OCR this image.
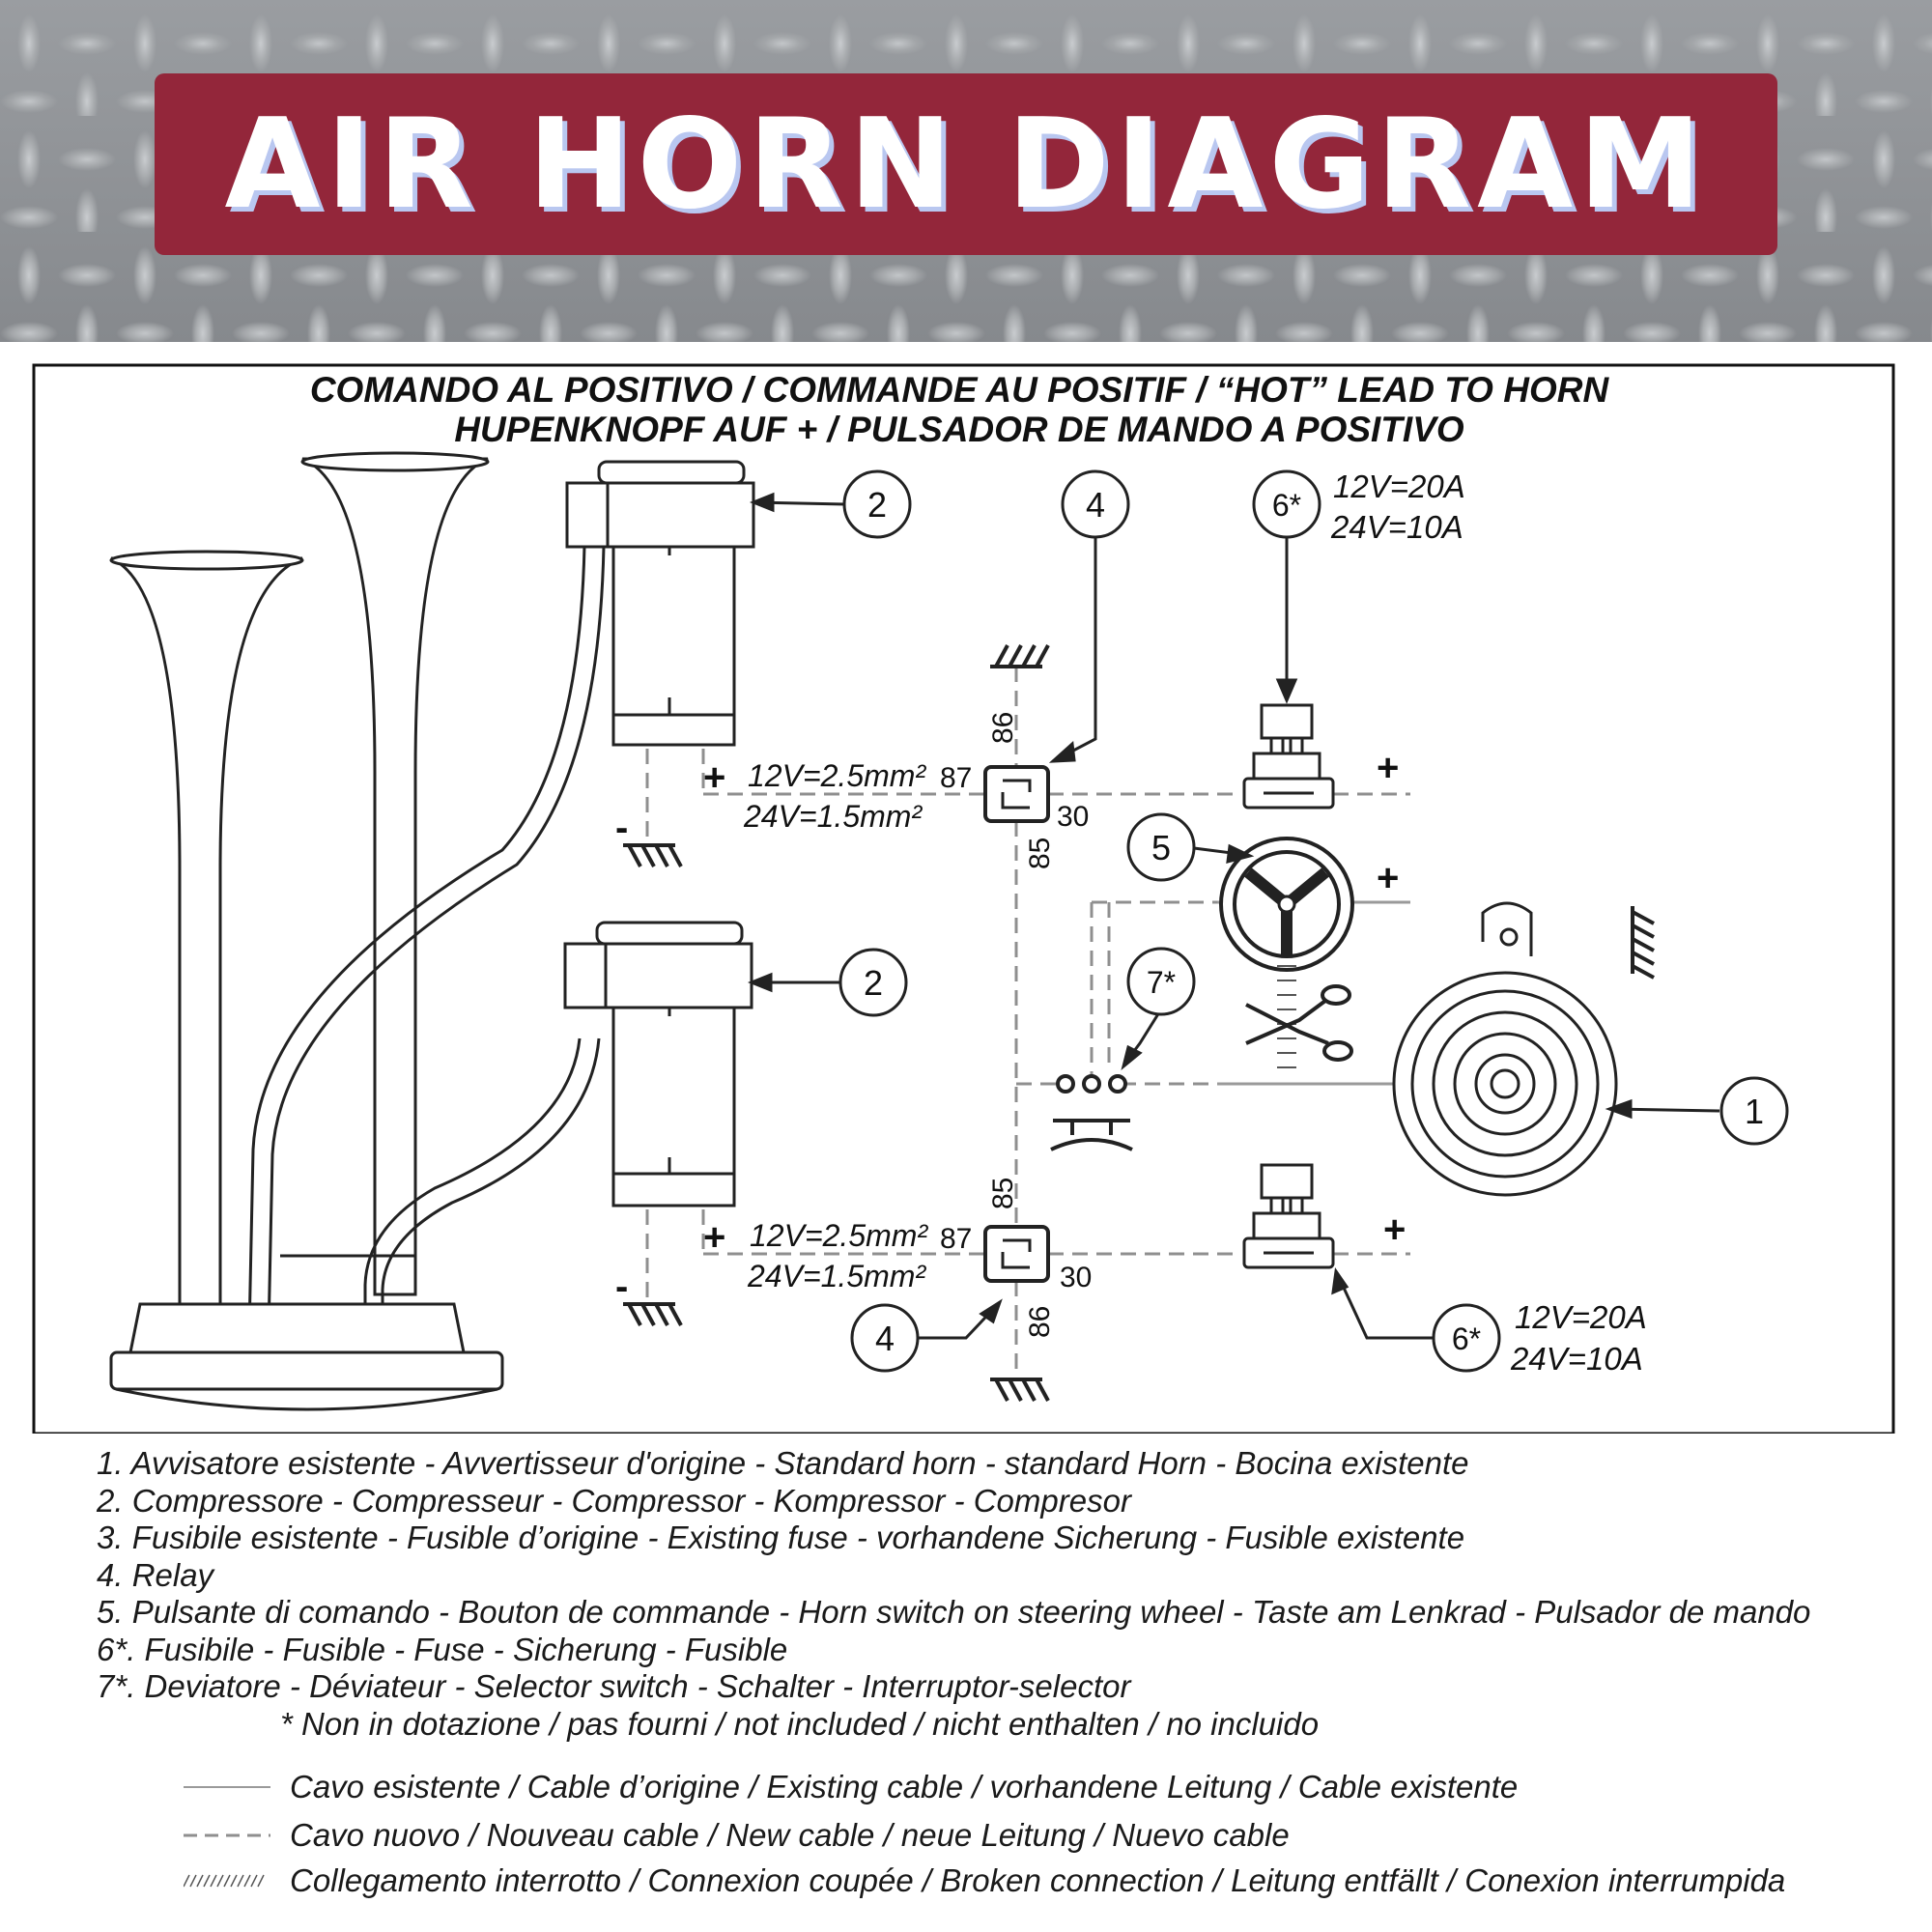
AIR HORN DIAGRAM
COMANDO AL POSITIVO / COMMANDE AU POSITIF / “HOT” LEAD TO HORN
HUPENKNOPF AUF + / PULSADOR DE MANDO A POSITIVO
2
2
4
4
6*
6*
5
7*
1
12V=20A
24V=10A
12V=20A
24V=10A
+ 12V=2.5mm²
24V=1.5mm²
+ 12V=2.5mm²
24V=1.5mm²
87
30
86
85
87
30
85
86
-
-
+
+
+
1. Avvisatore esistente - Avvertisseur d'origine - Standard horn - standard Horn - Bocina existente
2. Compressore - Compresseur - Compressor - Kompressor - Compresor
3. Fusibile esistente - Fusible d’origine - Existing fuse - vorhandene Sicherung - Fusible existente
4. Relay
5. Pulsante di comando - Bouton de commande - Horn switch on steering wheel - Taste am Lenkrad - Pulsador de mando
6*. Fusibile - Fusible - Fuse - Sicherung - Fusible
7*. Deviatore - Déviateur - Selector switch - Schalter - Interruptor-selector
* Non in dotazione / pas fourni / not included / nicht enthalten / no incluido
Cavo esistente / Cable d’origine / Existing cable / vorhandene Leitung / Cable existente
Cavo nuovo / Nouveau cable / New cable / neue Leitung / Nuevo cable
Collegamento interrotto / Connexion coupée / Broken connection / Leitung entfällt / Conexion interrumpida
